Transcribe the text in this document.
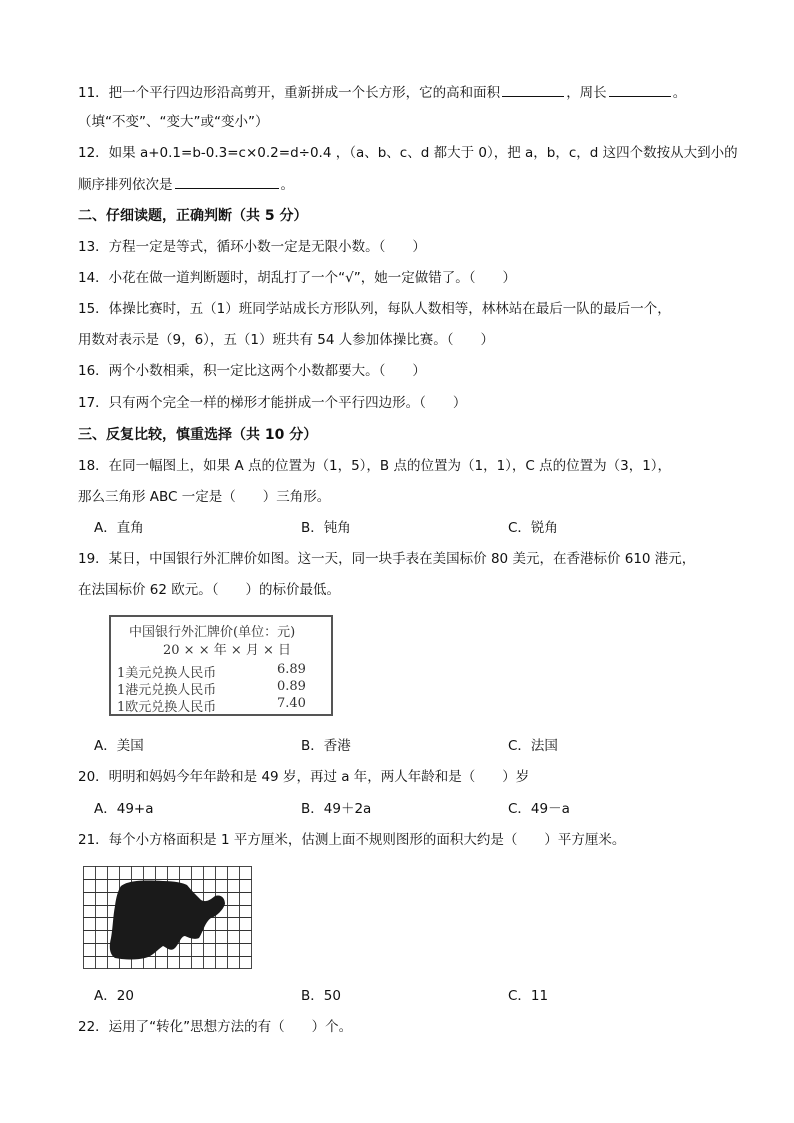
11．把一个平行四边形沿高剪开，重新拼成一个长方形，它的高和面积	，周长	。
（填“不变”、“变大”或“变小”）
12．如果 a+0.1=b-0.3=c×0.2=d÷0.4 ，（a、b、c、d 都大于 0），把 a，b，c，d 这四个数按从大到小的
顺序排列依次是	。
二、仔细读题，正确判断（共 5 分）
13．方程一定是等式，循环小数一定是无限小数。（　　）
14．小花在做一道判断题时，胡乱打了一个“√”，她一定做错了。（　　）
15．体操比赛时，五（1）班同学站成长方形队列，每队人数相等，林林站在最后一队的最后一个，
用数对表示是（9，6），五（1）班共有 54 人参加体操比赛。（　　）
16．两个小数相乘，积一定比这两个小数都要大。（　　）
17．只有两个完全一样的梯形才能拼成一个平行四边形。（　　）
三、反复比较，慎重选择（共 10 分）
18．在同一幅图上，如果 A 点的位置为（1，5），B 点的位置为（1，1），C 点的位置为（3，1），
那么三角形 ABC 一定是（　　）三角形。
A．直角	B．钝角	C．锐角
19．某日，中国银行外汇牌价如图。这一天，同一块手表在美国标价 80 美元，在香港标价 610 港元，
在法国标价 62 欧元。（　　）的标价最低。
中国银行外汇牌价(单位：元)
20 × × 年 × 月 × 日
1美元兑换人民币	6.89
1港元兑换人民币	0.89
1欧元兑换人民币	7.40
A．美国	B．香港	C．法国
20．明明和妈妈今年年龄和是 49 岁，再过 a 年，两人年龄和是（　　）岁
A．49+a	B．49＋2a	C．49－a
21．每个小方格面积是 1 平方厘米，估测上面不规则图形的面积大约是（　　）平方厘米。
A．20	B．50	C．11
22．运用了“转化”思想方法的有（　　）个。
